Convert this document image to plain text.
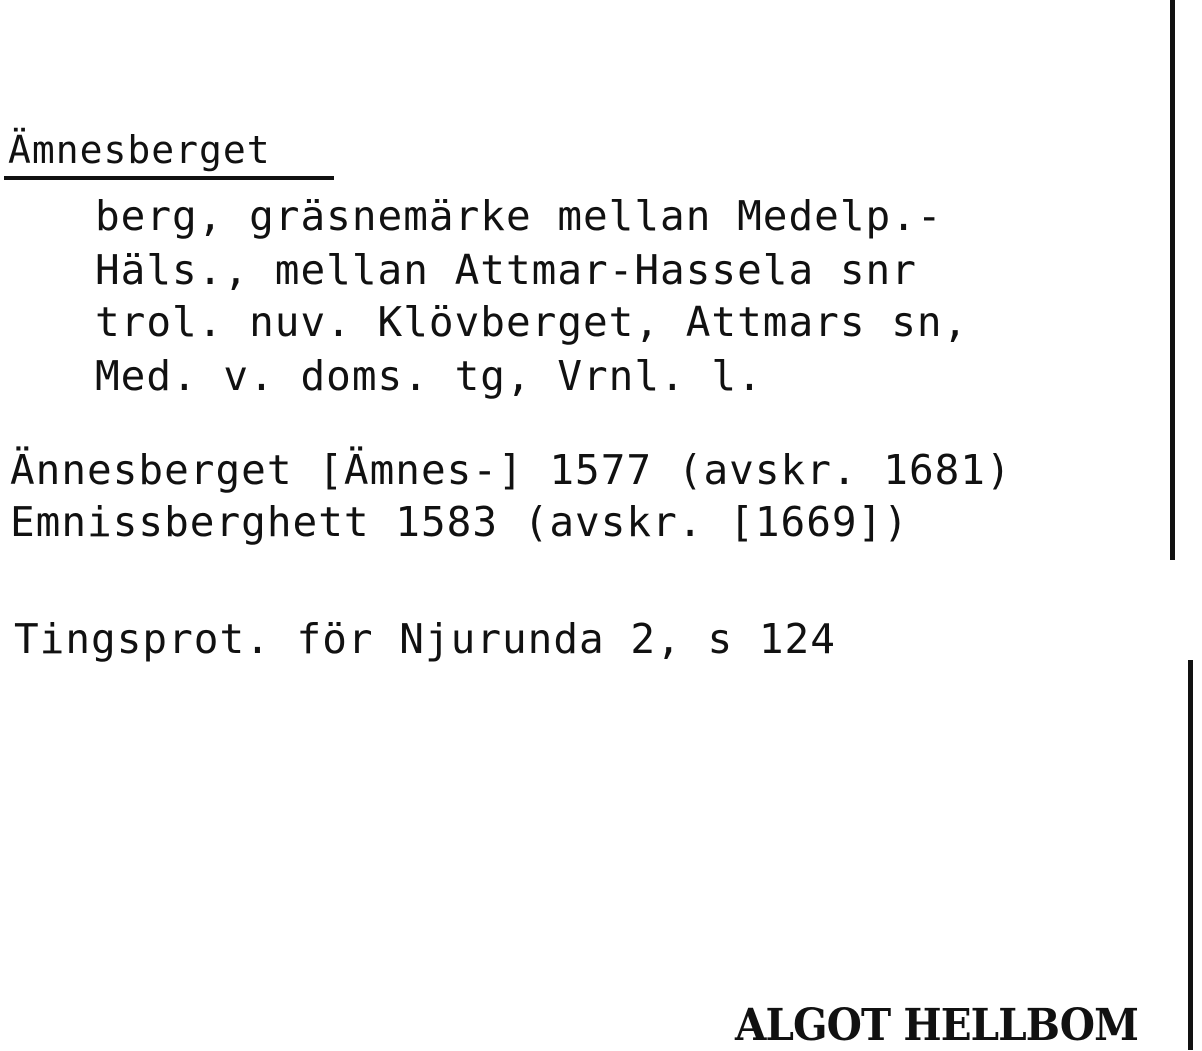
Ämnesberget
berg, gräsnemärke mellan Medelp.-
Häls., mellan Attmar-Hassela snr
trol. nuv. Klövberget, Attmars sn,
Med. v. doms. tg, Vrnl. l.
Ännesberget [Ämnes-] 1577 (avskr. 1681)
Emnissberghett 1583 (avskr. [1669])
Tingsprot. för Njurunda 2, s 124
ALGOT HELLBOM
